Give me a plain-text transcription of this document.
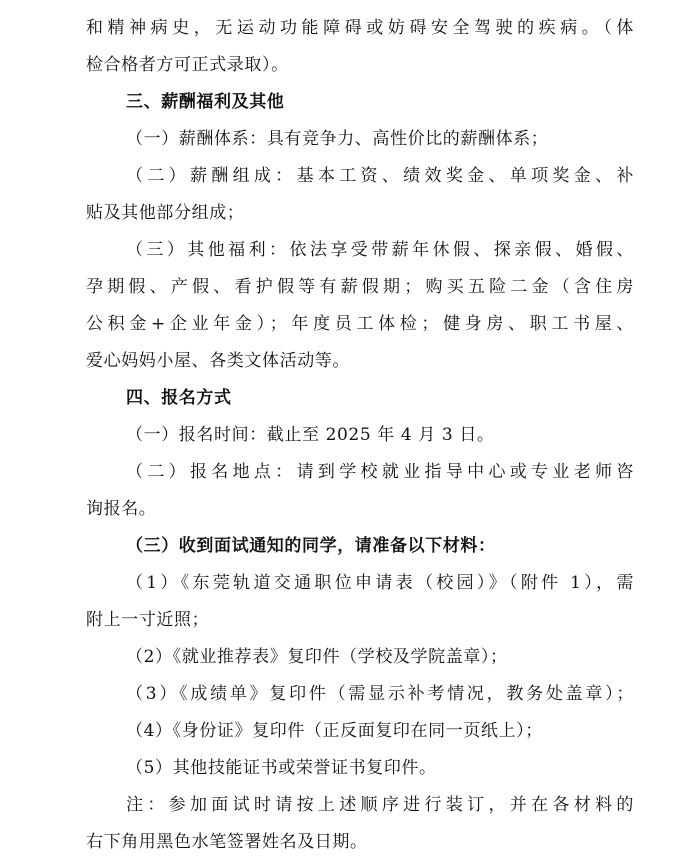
和精神病史，无运动功能障碍或妨碍安全驾驶的疾病。（体
检合格者方可正式录取）。
三、薪酬福利及其他
（一）薪酬体系：具有竞争力、高性价比的薪酬体系；
（二）薪酬组成：基本工资、绩效奖金、单项奖金、补
贴及其他部分组成；
（三）其他福利：依法享受带薪年休假、探亲假、婚假、
孕期假、产假、看护假等有薪假期；购买五险二金（含住房
公积金+企业年金）；年度员工体检；健身房、职工书屋、
爱心妈妈小屋、各类文体活动等。
四、报名方式
（一）报名时间：截止至 2025 年 4 月 3 日。
（二）报名地点：请到学校就业指导中心或专业老师咨
询报名。
（三）收到面试通知的同学，请准备以下材料：
（1）《东莞轨道交通职位申请表（校园）》（附件 1），需
附上一寸近照；
（2）《就业推荐表》复印件（学校及学院盖章）；
（3）《成绩单》复印件（需显示补考情况，教务处盖章）；
（4）《身份证》复印件（正反面复印在同一页纸上）；
（5）其他技能证书或荣誉证书复印件。
注：参加面试时请按上述顺序进行装订，并在各材料的
右下角用黑色水笔签署姓名及日期。
